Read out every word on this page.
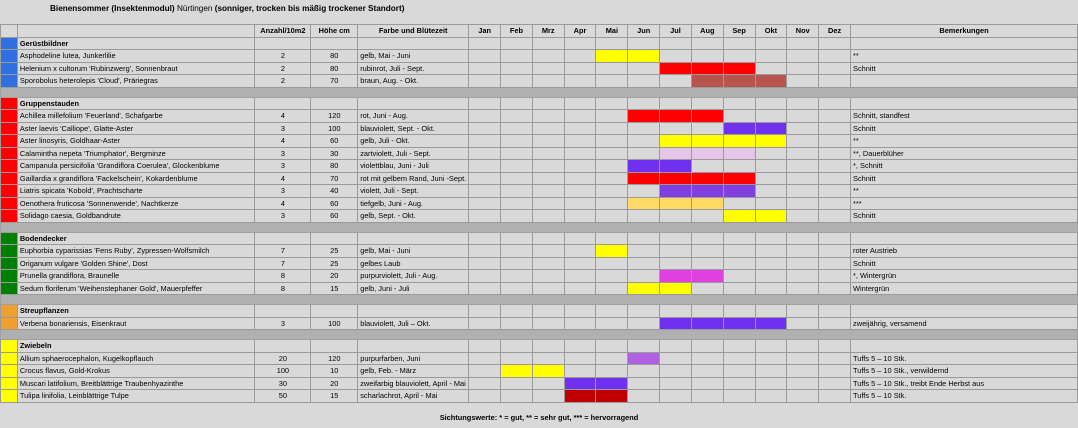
Bienensommer (Insektenmodul) Nürtingen (sonniger, trocken bis mäßig trockener Standort)
		Anzahl/10m2	Höhe cm	Farbe und Blütezeit	Jan	Feb	Mrz	Apr	Mai	Jun	Jul	Aug	Sep	Okt	Nov	Dez	Bemerkungen
	Gerüstbildner																
	Asphodeline lutea, Junkerlilie	2	80	gelb, Mai - Juni													**
	Helenium x cultorum 'Rubinzwerg', Sonnenbraut	2	80	rubinrot, Juli - Sept.													Schnitt
	Sporobolus heterolepis 'Cloud', Präriegras	2	70	braun, Aug. - Okt.													

	Gruppenstauden																
	Achillea millefolium 'Feuerland', Schafgarbe	4	120	rot, Juni - Aug.													Schnitt, standfest
	Aster laevis 'Calliope', Glatte-Aster	3	100	blauviolett, Sept. - Okt.													Schnitt
	Aster linosyris, Goldhaar-Aster	4	60	gelb, Juli - Okt.													**
	Calamintha nepeta 'Triumphator', Bergminze	3	30	zartviolett, Juli - Sept.													**, Dauerblüher
	Campanula persicifolia 'Grandiflora Coerulea', Glockenblume	3	80	violettblau, Juni - Juli													*, Schnitt
	Gaillardia x grandiflora 'Fackelschein', Kokardenblume	4	70	rot mit gelbem Rand, Juni -Sept.													Schnitt
	Liatris spicata 'Kobold', Prachtscharte	3	40	violett, Juli - Sept.													**
	Oenothera fruticosa 'Sonnenwende', Nachtkerze	4	60	tiefgelb, Juni - Aug.													***
	Solidago caesia, Goldbandrute	3	60	gelb, Sept. - Okt.													Schnitt

	Bodendecker																
	Euphorbia cyparissias 'Fens Ruby', Zypressen-Wolfsmilch	7	25	gelb, Mai - Juni													roter Austrieb
	Origanum vulgare 'Golden Shine', Dost	7	25	gelbes Laub													Schnitt
	Prunella grandiflora, Braunelle	8	20	purpurviolett, Juli - Aug.													*, Wintergrün
	Sedum floriferum 'Weihenstephaner Gold', Mauerpfeffer	8	15	gelb, Juni - Juli													Wintergrün

	Streupflanzen																
	Verbena bonariensis, Eisenkraut	3	100	blauviolett, Juli – Okt.													zweijährig, versamend

	Zwiebeln																
	Allium sphaerocephalon, Kugelkopflauch	20	120	purpurfarben, Juni													Tuffs 5 – 10 Stk.
	Crocus flavus, Gold-Krokus	100	10	gelb, Feb. - März													Tuffs 5 – 10 Stk., verwildernd
	Muscari latifolium, Breitblättrige Traubenhyazinthe	30	20	zweifarbig blauviolett, April - Mai													Tuffs 5 – 10 Stk., treibt Ende Herbst aus
	Tulipa linifolia, Leinblättrige Tulpe	50	15	scharlachrot, April - Mai													Tuffs 5 – 10 Stk.
Sichtungswerte: * = gut, ** = sehr gut, *** = hervorragend
